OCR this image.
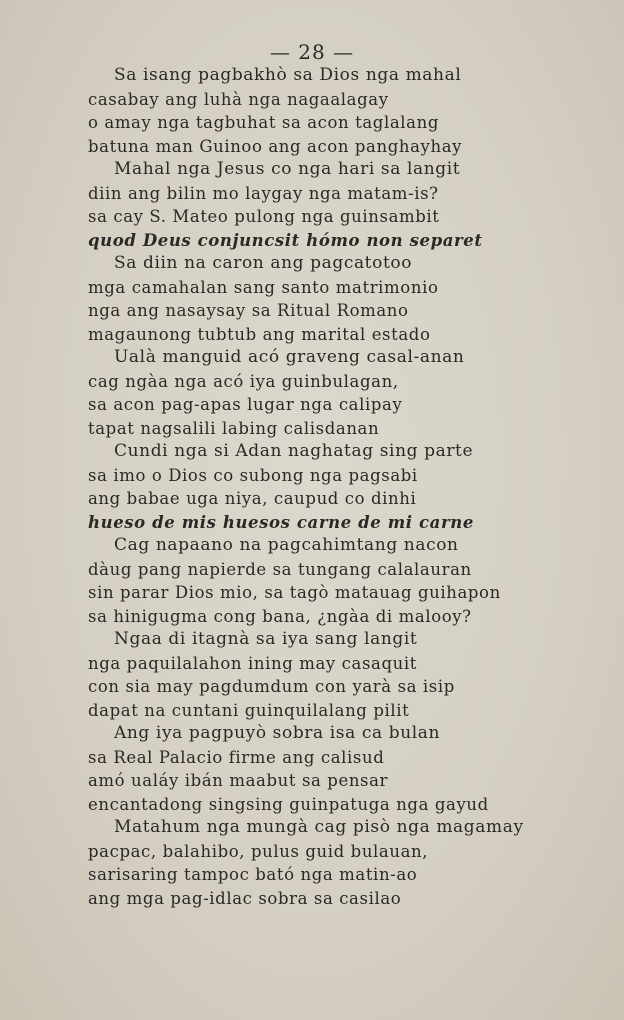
— 28 —
Sa isang pagbakhò sa Dios nga mahal
casabay ang luhà nga nagaalagay
o amay nga tagbuhat sa acon taglalang
batuna man Guinoo ang acon panghayhay
Mahal nga Jesus co nga hari sa langit
diin ang bilin mo laygay nga matam-is?
sa cay S. Mateo pulong nga guinsambit
quod Deus conjuncsit hómo non separet
Sa diin na caron ang pagcatotoo
mga camahalan sang santo matrimonio
nga ang nasaysay sa Ritual Romano
magaunong tubtub ang marital estado
Ualà manguid acó graveng casal-anan
cag ngàa nga acó iya guinbulagan,
sa acon pag-apas lugar nga calipay
tapat nagsalili labing calisdanan
Cundi nga si Adan naghatag sing parte
sa imo o Dios co subong nga pagsabi
ang babae uga niya, caupud co dinhi
hueso de mis huesos carne de mi carne
Cag napaano na pagcahimtang nacon
dàug pang napierde sa tungang calalauran
sin parar Dios mio, sa tagò matauag guihapon
sa hinigugma cong bana, ¿ngàa di malooy?
Ngaa di itagnà sa iya sang langit
nga paquilalahon ining may casaquit
con sia may pagdumdum con yarà sa isip
dapat na cuntani guinquilalang pilit
Ang iya pagpuyò sobra isa ca bulan
sa Real Palacio firme ang calisud
amó ualáy ibán maabut sa pensar
encantadong singsing guinpatuga nga gayud
Matahum nga mungà cag pisò nga magamay
pacpac, balahibo, pulus guid bulauan,
sarisaring tampoc bató nga matin-ao
ang mga pag-idlac sobra sa casilao
